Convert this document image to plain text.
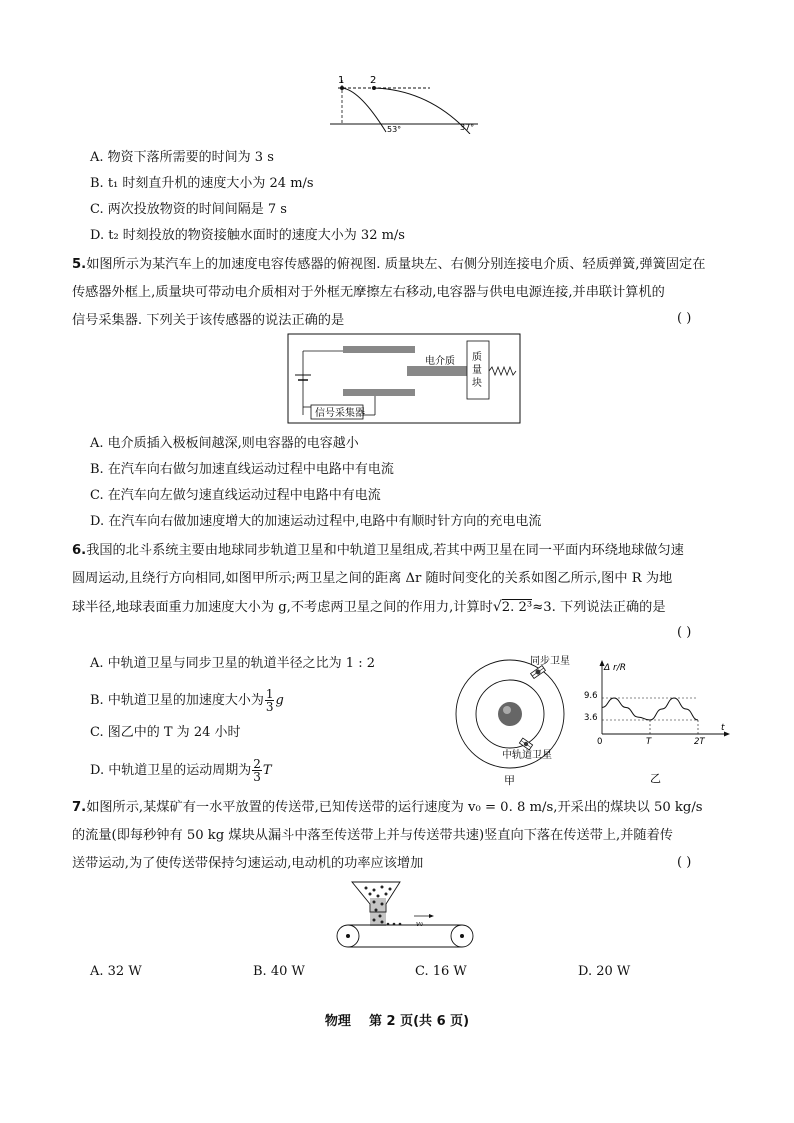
1	2
53°	37°
A. 物资下落所需要的时间为 3 s
B. t₁ 时刻直升机的速度大小为 24 m/s
C. 两次投放物资的时间间隔是 7 s
D. t₂ 时刻投放的物资接触水面时的速度大小为 32 m/s
5.如图所示为某汽车上的加速度电容传感器的俯视图. 质量块左、右侧分别连接电介质、轻质弹簧,弹簧固定在
传感器外框上,质量块可带动电介质相对于外框无摩擦左右移动,电容器与供电电源连接,并串联计算机的
信号采集器. 下列关于该传感器的说法正确的是	( )
信号采集器
电介质 质
量
块
A. 电介质插入极板间越深,则电容器的电容越小
B. 在汽车向右做匀加速直线运动过程中电路中有电流
C. 在汽车向左做匀速直线运动过程中电路中有电流
D. 在汽车向右做加速度增大的加速运动过程中,电路中有顺时针方向的充电电流
6.我国的北斗系统主要由地球同步轨道卫星和中轨道卫星组成,若其中两卫星在同一平面内环绕地球做匀速
圆周运动,且绕行方向相同,如图甲所示;两卫星之间的距离 Δr 随时间变化的关系如图乙所示,图中 R 为地
球半径,地球表面重力加速度大小为 g,不考虑两卫星之间的作用力,计算时√2. 2³≈3. 下列说法正确的是
( )
A. 中轨道卫星与同步卫星的轨道半径之比为 1 : 2
B. 中轨道卫星的加速度大小为 $\frac{1}{3}$ g
C. 图乙中的 T 为 24 小时
D. 中轨道卫星的运动周期为 $\frac{2}{3}$ T
同步卫星
中轨道卫星
甲
Δ r/R
t
9.6
3.6
0	T	2T
乙
7.如图所示,某煤矿有一水平放置的传送带,已知传送带的运行速度为 v₀ = 0. 8 m/s,开采出的煤块以 50 kg/s
的流量(即每秒钟有 50 kg 煤块从漏斗中落至传送带上并与传送带共速)竖直向下落在传送带上,并随着传
送带运动,为了使传送带保持匀速运动,电动机的功率应该增加	( )
v₀
A. 32 W	B. 40 W	C. 16 W	D. 20 W
物理    第 2 页(共 6 页)
